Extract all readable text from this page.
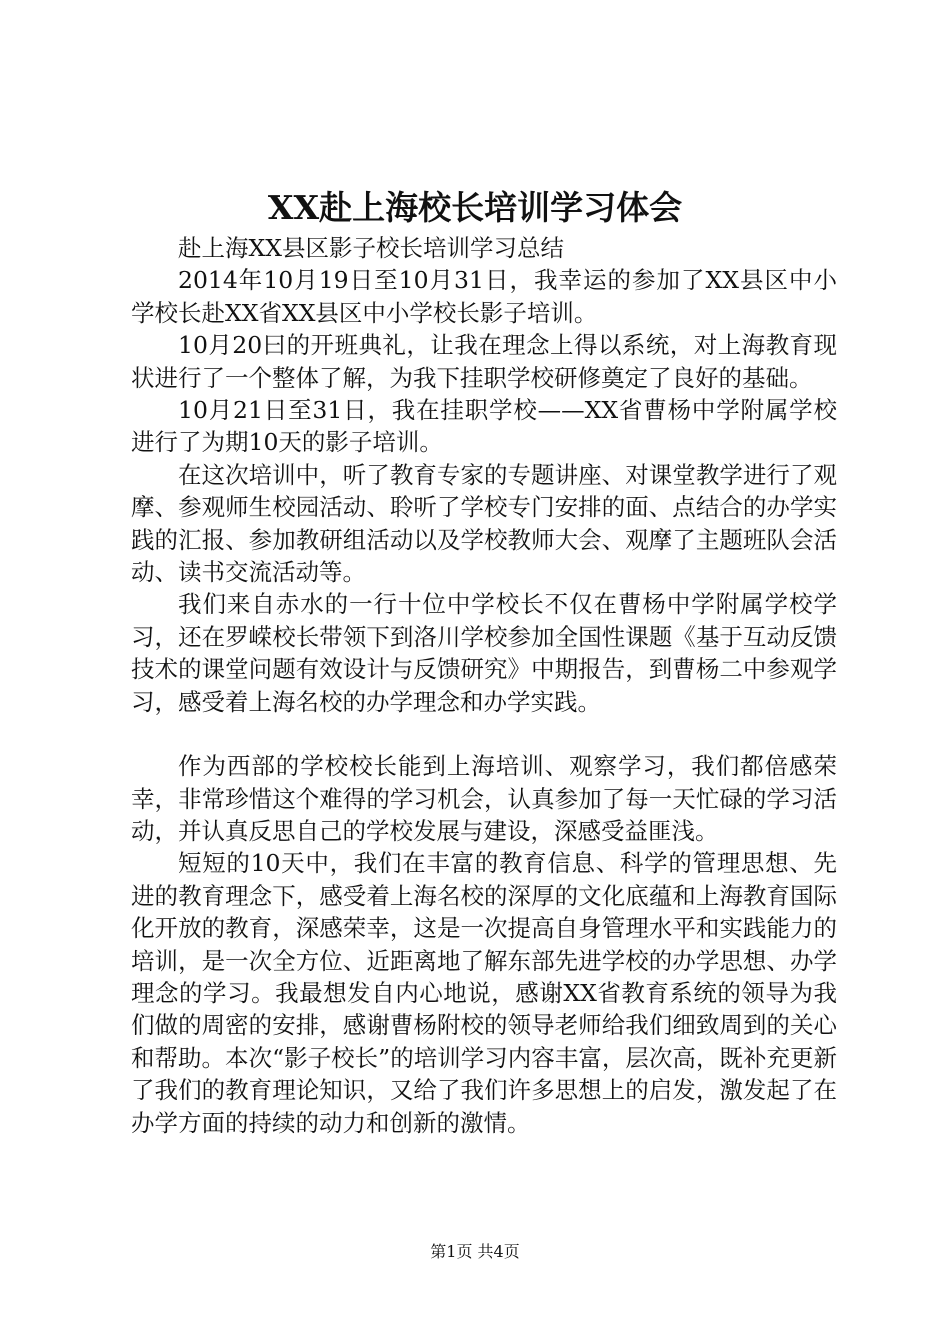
XX赴上海校长培训学习体会

赴上海XX县区影子校长培训学习总结

2014年10月19日至10月31日，我幸运的参加了XX县区中小学校长赴XX省XX县区中小学校长影子培训。

10月20曰的开班典礼，让我在理念上得以系统，对上海教育现状进行了一个整体了解，为我下挂职学校研修奠定了良好的基础。

10月21日至31日，我在挂职学校——XX省曹杨中学附属学校进行了为期10天的影子培训。

在这次培训中，听了教育专家的专题讲座、对课堂教学进行了观摩、参观师生校园活动、聆听了学校专门安排的面、点结合的办学实践的汇报、参加教研组活动以及学校教师大会、观摩了主题班队会活动、读书交流活动等。

我们来自赤水的一行十位中学校长不仅在曹杨中学附属学校学习，还在罗嵘校长带领下到洛川学校参加全国性课题《基于互动反馈技术的课堂问题有效设计与反馈研究》中期报告，到曹杨二中参观学习，感受着上海名校的办学理念和办学实践。

作为西部的学校校长能到上海培训、观察学习，我们都倍感荣幸，非常珍惜这个难得的学习机会，认真参加了每一天忙碌的学习活动，并认真反思自己的学校发展与建设，深感受益匪浅。

短短的10天中，我们在丰富的教育信息、科学的管理思想、先进的教育理念下，感受着上海名校的深厚的文化底蕴和上海教育国际化开放的教育，深感荣幸，这是一次提高自身管理水平和实践能力的培训，是一次全方位、近距离地了解东部先进学校的办学思想、办学理念的学习。我最想发自内心地说，感谢XX省教育系统的领导为我们做的周密的安排，感谢曹杨附校的领导老师给我们细致周到的关心和帮助。本次“影子校长”的培训学习内容丰富，层次高，既补充更新了我们的教育理论知识，又给了我们许多思想上的启发，激发起了在办学方面的持续的动力和创新的激情。

第1页 共4页
